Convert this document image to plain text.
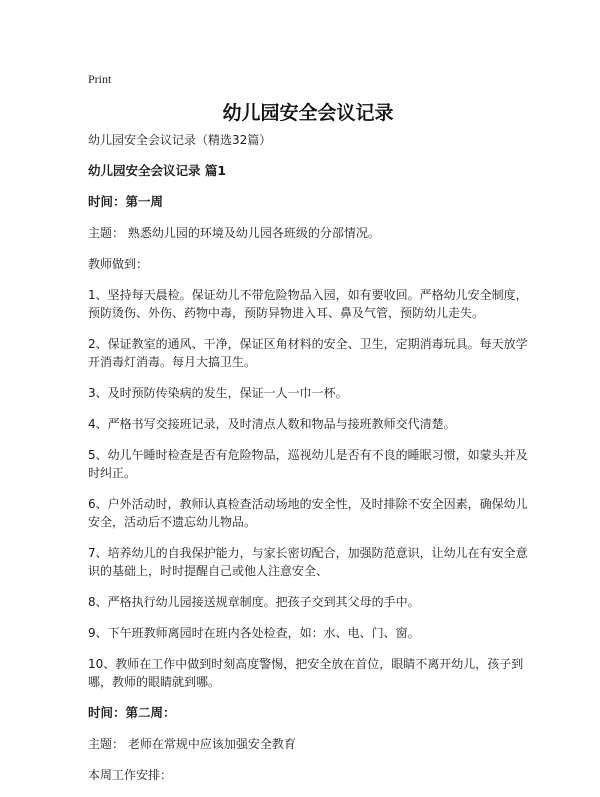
Print
幼儿园安全会议记录

幼儿园安全会议记录（精选32篇）

幼儿园安全会议记录 篇1

时间：第一周

主题： 熟悉幼儿园的环境及幼儿园各班级的分部情况。

教师做到：

1、坚持每天晨检。保证幼儿不带危险物品入园，如有要收回。严格幼儿安全制度，预防烫伤、外伤、药物中毒，预防异物进入耳、鼻及气管，预防幼儿走失。

2、保证教室的通风、干净，保证区角材料的安全、卫生，定期消毒玩具。每天放学开消毒灯消毒。每月大搞卫生。

3、及时预防传染病的发生，保证一人一巾一杯。

4、严格书写交接班记录，及时清点人数和物品与接班教师交代清楚。

5、幼儿午睡时检查是否有危险物品，巡视幼儿是否有不良的睡眠习惯，如蒙头并及时纠正。

6、户外活动时，教师认真检查活动场地的安全性，及时排除不安全因素，确保幼儿安全，活动后不遗忘幼儿物品。

7、培养幼儿的自我保护能力，与家长密切配合，加强防范意识，让幼儿在有安全意识的基础上，时时提醒自己或他人注意安全、

8、严格执行幼儿园接送规章制度。把孩子交到其父母的手中。

9、下午班教师离园时在班内各处检查，如：水、电、门、窗。

10、教师在工作中做到时刻高度警惕，把安全放在首位，眼睛不离开幼儿，孩子到哪，教师的眼睛就到哪。

时间：第二周：

主题： 老师在常规中应该加强安全教育

本周工作安排：
